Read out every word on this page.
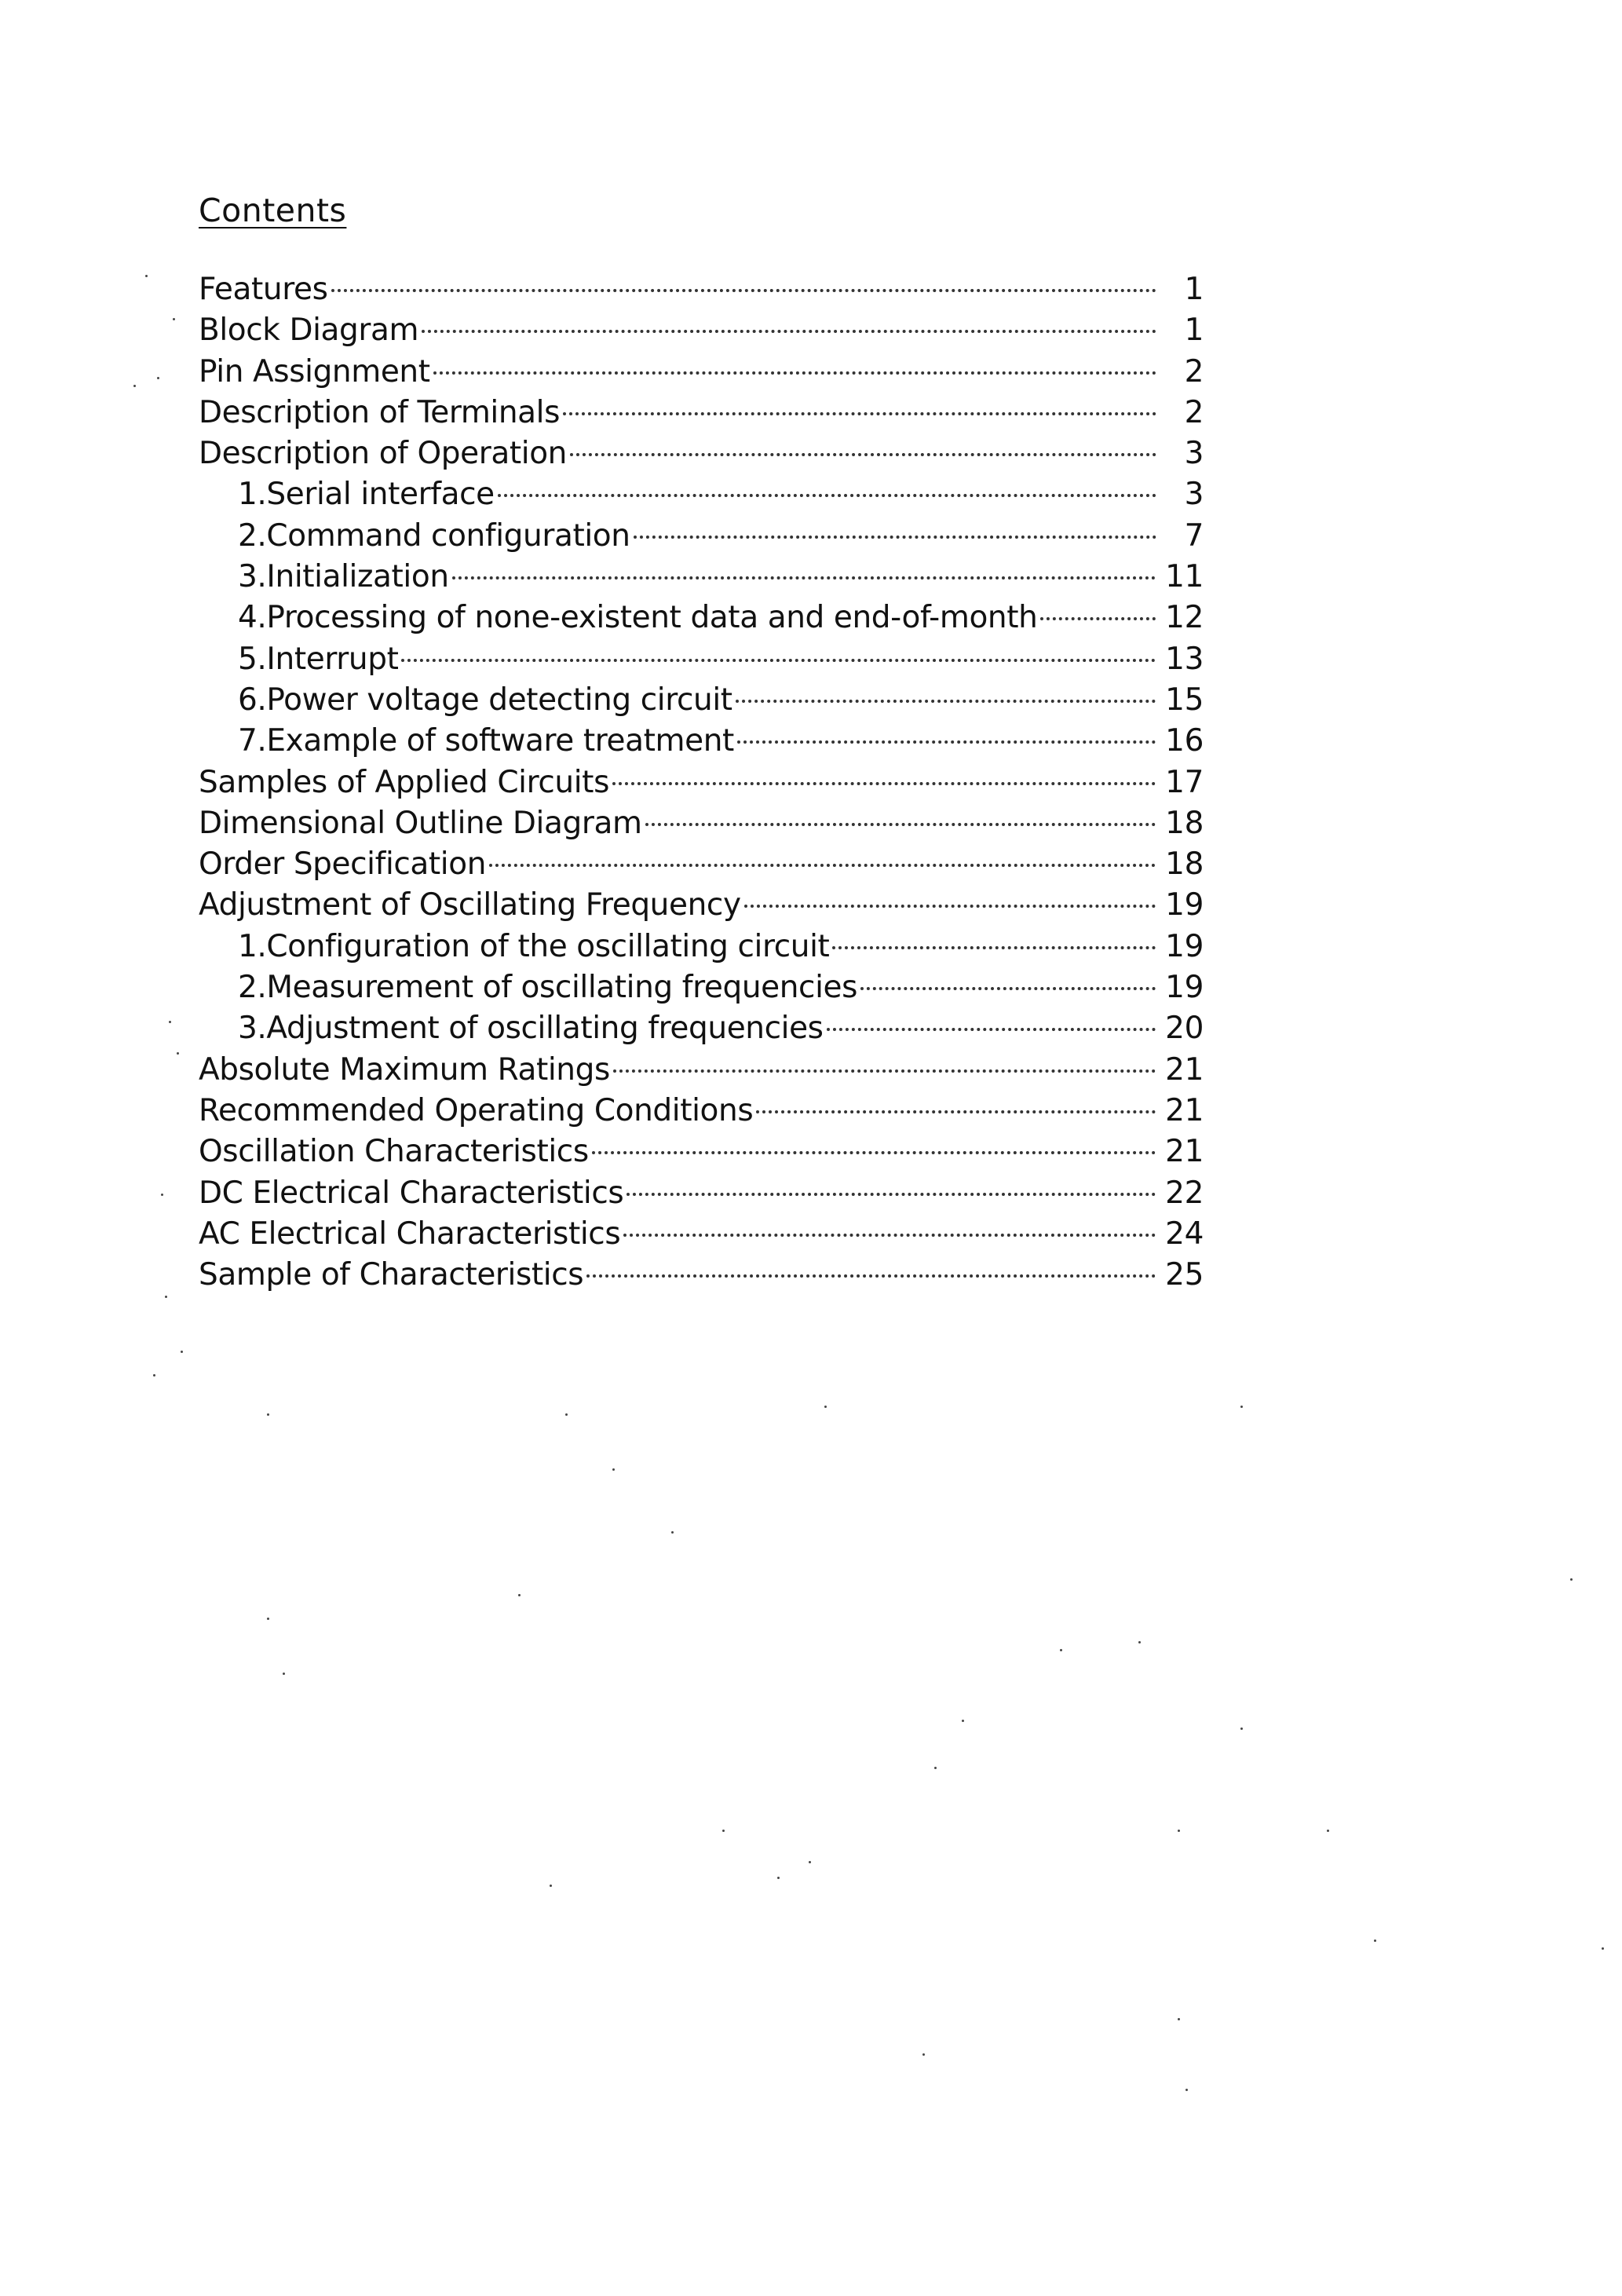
Contents
Features	1
Block Diagram	1
Pin Assignment	2
Description of Terminals	2
Description of Operation	3
1.Serial interface	3
2.Command configuration	7
3.Initialization	11
4.Processing of none-existent data and end-of-month	12
5.Interrupt	13
6.Power voltage detecting circuit	15
7.Example of software treatment	16
Samples of Applied Circuits	17
Dimensional Outline Diagram	18
Order Specification	18
Adjustment of Oscillating Frequency	19
1.Configuration of the oscillating circuit	19
2.Measurement of oscillating frequencies	19
3.Adjustment of oscillating frequencies	20
Absolute Maximum Ratings	21
Recommended Operating Conditions	21
Oscillation Characteristics	21
DC Electrical Characteristics	22
AC Electrical Characteristics	24
Sample of Characteristics	25
